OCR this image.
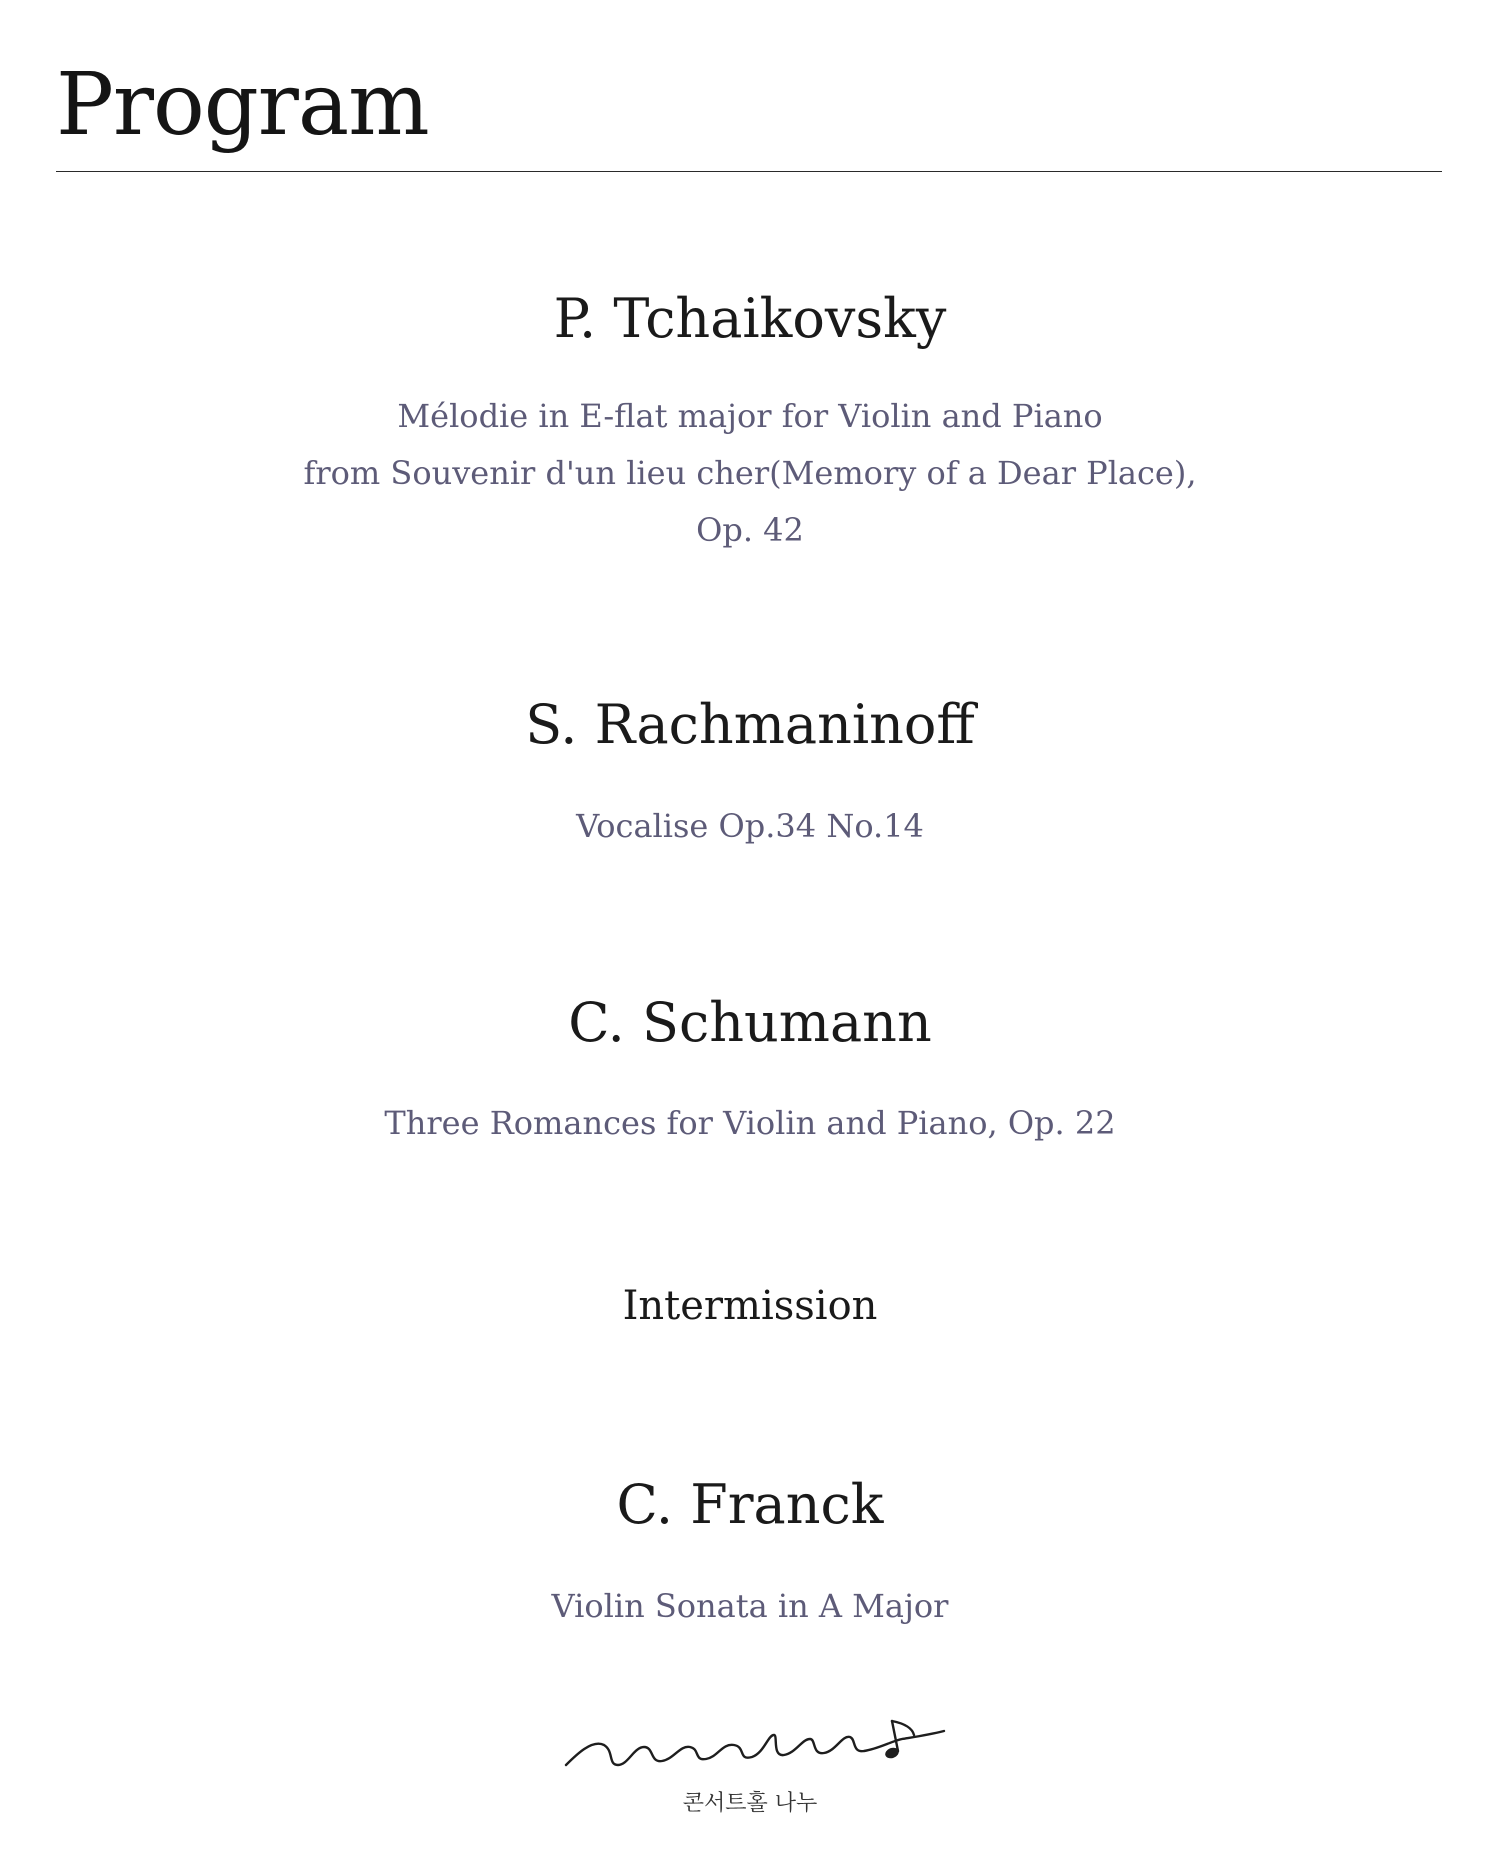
Program
P. Tchaikovsky
Mélodie in E-flat major for Violin and Piano
from Souvenir d'un lieu cher(Memory of a Dear Place),
Op. 42
S. Rachmaninoff
Vocalise Op.34 No.14
C. Schumann
Three Romances for Violin and Piano, Op. 22
Intermission
C. Franck
Violin Sonata in A Major
콘서트홀 나누
